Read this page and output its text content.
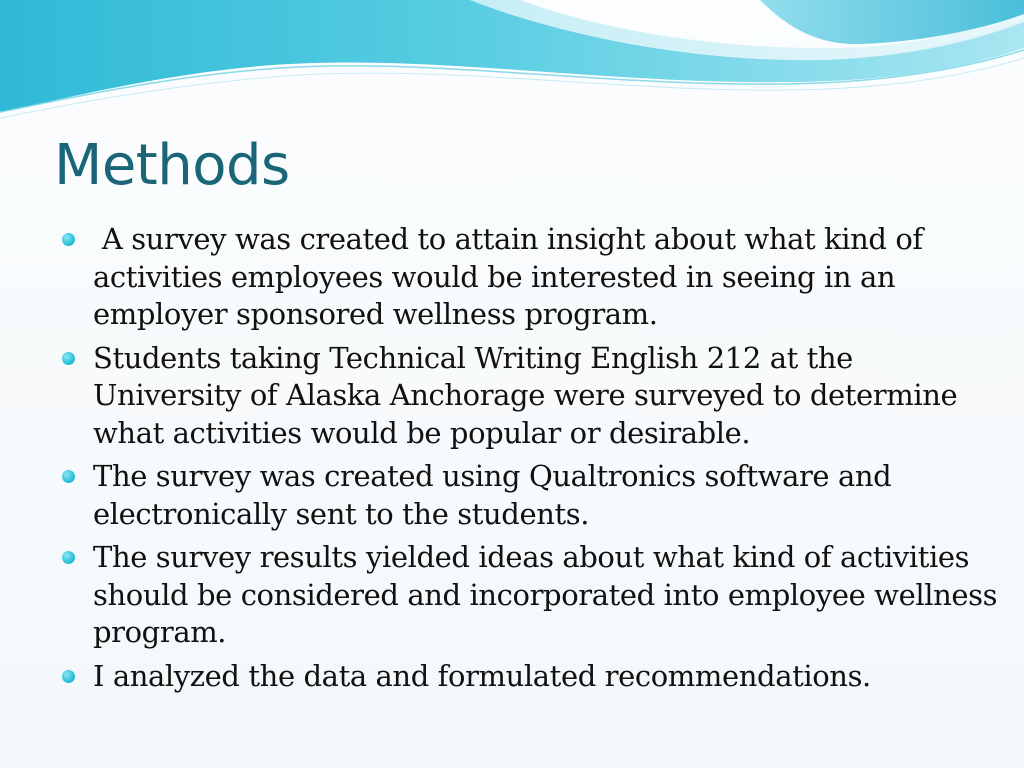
Methods
A survey was created to attain insight about what kind of activities employees would be interested in seeing in an employer sponsored wellness program.
Students taking Technical Writing English 212 at the University of Alaska Anchorage were surveyed to determine what activities would be popular or desirable.
The survey was created using Qualtronics software and electronically sent to the students.
The survey results yielded ideas about what kind of activities should be considered and incorporated into employee wellness program.
I analyzed the data and formulated recommendations.
